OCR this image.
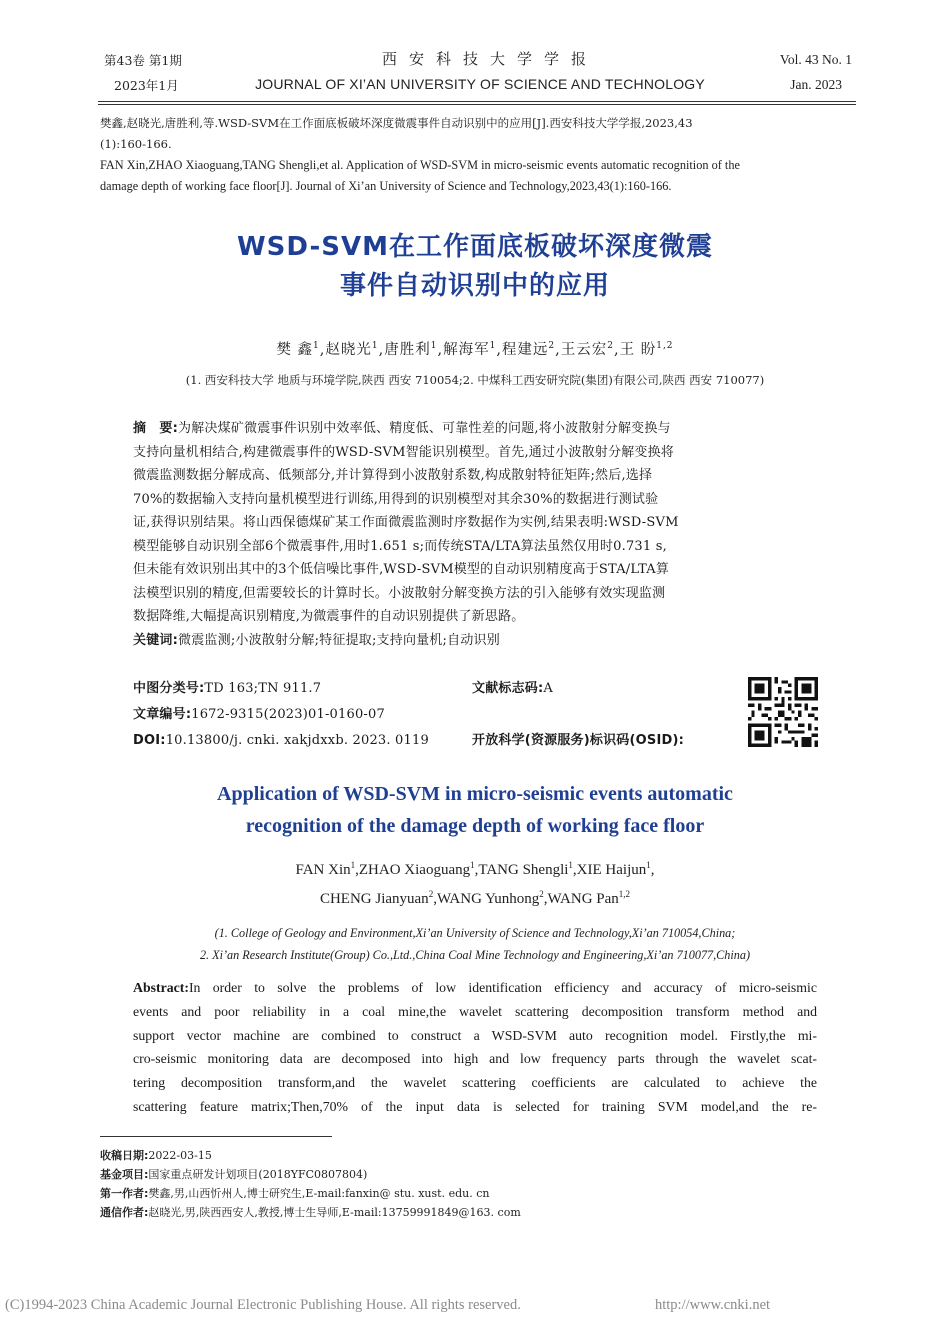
第43卷 第1期
2023年1月
西安科技大学学报
JOURNAL OF XI’AN UNIVERSITY OF SCIENCE AND TECHNOLOGY
Vol. 43 No. 1
Jan. 2023
樊鑫,赵晓光,唐胜利,等.WSD-SVM在工作面底板破坏深度微震事件自动识别中的应用[J].西安科技大学学报,2023,43
(1):160-166.
FAN Xin,ZHAO Xiaoguang,TANG Shengli,et al. Application of WSD-SVM in micro-seismic events automatic recognition of the
damage depth of working face floor[J]. Journal of Xi’an University of Science and Technology,2023,43(1):160-166.
WSD-SVM在工作面底板破坏深度微震
事件自动识别中的应用
樊 鑫$^1$,赵晓光$^1$,唐胜利$^1$,解海军$^1$,程建远$^2$,王云宏$^2$,王 盼$^{1,2}$
(1. 西安科技大学 地质与环境学院,陕西 西安 710054;2. 中煤科工西安研究院(集团)有限公司,陕西 西安 710077)
摘　要:为解决煤矿微震事件识别中效率低、精度低、可靠性差的问题,将小波散射分解变换与
支持向量机相结合,构建微震事件的WSD-SVM智能识别模型。首先,通过小波散射分解变换将
微震监测数据分解成高、低频部分,并计算得到小波散射系数,构成散射特征矩阵;然后,选择
70%的数据输入支持向量机模型进行训练,用得到的识别模型对其余30%的数据进行测试验
证,获得识别结果。将山西保德煤矿某工作面微震监测时序数据作为实例,结果表明:WSD-SVM
模型能够自动识别全部6个微震事件,用时1.651 s;而传统STA/LTA算法虽然仅用时0.731 s,
但未能有效识别出其中的3个低信噪比事件,WSD-SVM模型的自动识别精度高于STA/LTA算
法模型识别的精度,但需要较长的计算时长。小波散射分解变换方法的引入能够有效实现监测
数据降维,大幅提高识别精度,为微震事件的自动识别提供了新思路。
关键词:微震监测;小波散射分解;特征提取;支持向量机;自动识别
中图分类号:TD 163;TN 911.7	文献标志码:A
文章编号:1672-9315(2023)01-0160-07
DOI:10.13800/j. cnki. xakjdxxb. 2023. 0119	开放科学(资源服务)标识码(OSID):
Application of WSD-SVM in micro-seismic events automatic
recognition of the damage depth of working face floor
FAN Xin$^1$,ZHAO Xiaoguang$^1$,TANG Shengli$^1$,XIE Haijun$^1$,
CHENG Jianyuan$^2$,WANG Yunhong$^2$,WANG Pan$^{1,2}$
(1. College of Geology and Environment,Xi’an University of Science and Technology,Xi’an 710054,China;
2. Xi’an Research Institute(Group) Co.,Ltd.,China Coal Mine Technology and Engineering,Xi’an 710077,China)
Abstract:In order to solve the problems of low identification efficiency and accuracy of micro-seismic
events and poor reliability in a coal mine,the wavelet scattering decomposition transform method and
support vector machine are combined to construct a WSD-SVM auto recognition model. Firstly,the mi-
cro-seismic monitoring data are decomposed into high and low frequency parts through the wavelet scat-
tering decomposition transform,and the wavelet scattering coefficients are calculated to achieve the
scattering feature matrix;Then,70% of the input data is selected for training SVM model,and the re-
收稿日期:2022-03-15
基金项目:国家重点研发计划项目(2018YFC0807804)
第一作者:樊鑫,男,山西忻州人,博士研究生,E-mail:fanxin@ stu. xust. edu. cn
通信作者:赵晓光,男,陕西西安人,教授,博士生导师,E-mail:13759991849@163. com
(C)1994-2023 China Academic Journal Electronic Publishing House. All rights reserved.	http://www.cnki.net
